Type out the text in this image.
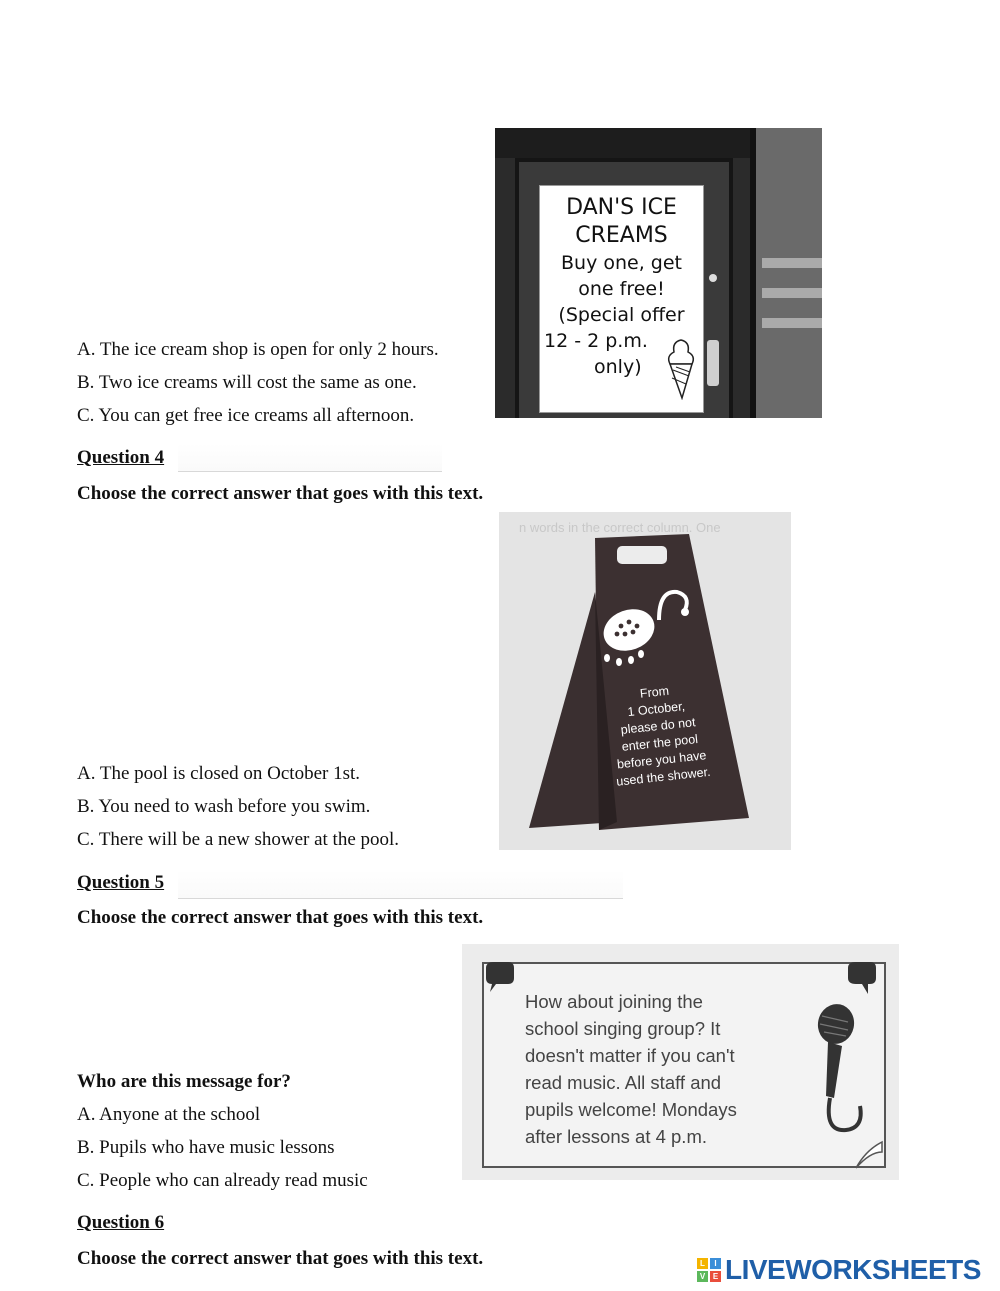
A. The ice cream shop is open for only 2 hours.
B. Two ice creams will cost the same as one.
C. You can get free ice creams all afternoon.
DAN'S ICE
CREAMS
Buy one, get
one free!
(Special offer
12 - 2 p.m.
only)
Question 4
Choose the correct answer that goes with this text.
n words in the correct column. One
From
1 October,
please do not
enter the pool
before you have
used the shower.
A. The pool is closed on October 1st.
B. You need to wash before you swim.
C. There will be a new shower at the pool.
Question 5
Choose the correct answer that goes with this text.
How about joining the
school singing group? It
doesn't matter if you can't
read music. All staff and
pupils welcome! Mondays
after lessons at 4 p.m.
Who are this message for?
A. Anyone at the school
B. Pupils who have music lessons
C. People who can already read music
Question 6
Choose the correct answer that goes with this text.	L	I
V E LIVEWORKSHEETS
